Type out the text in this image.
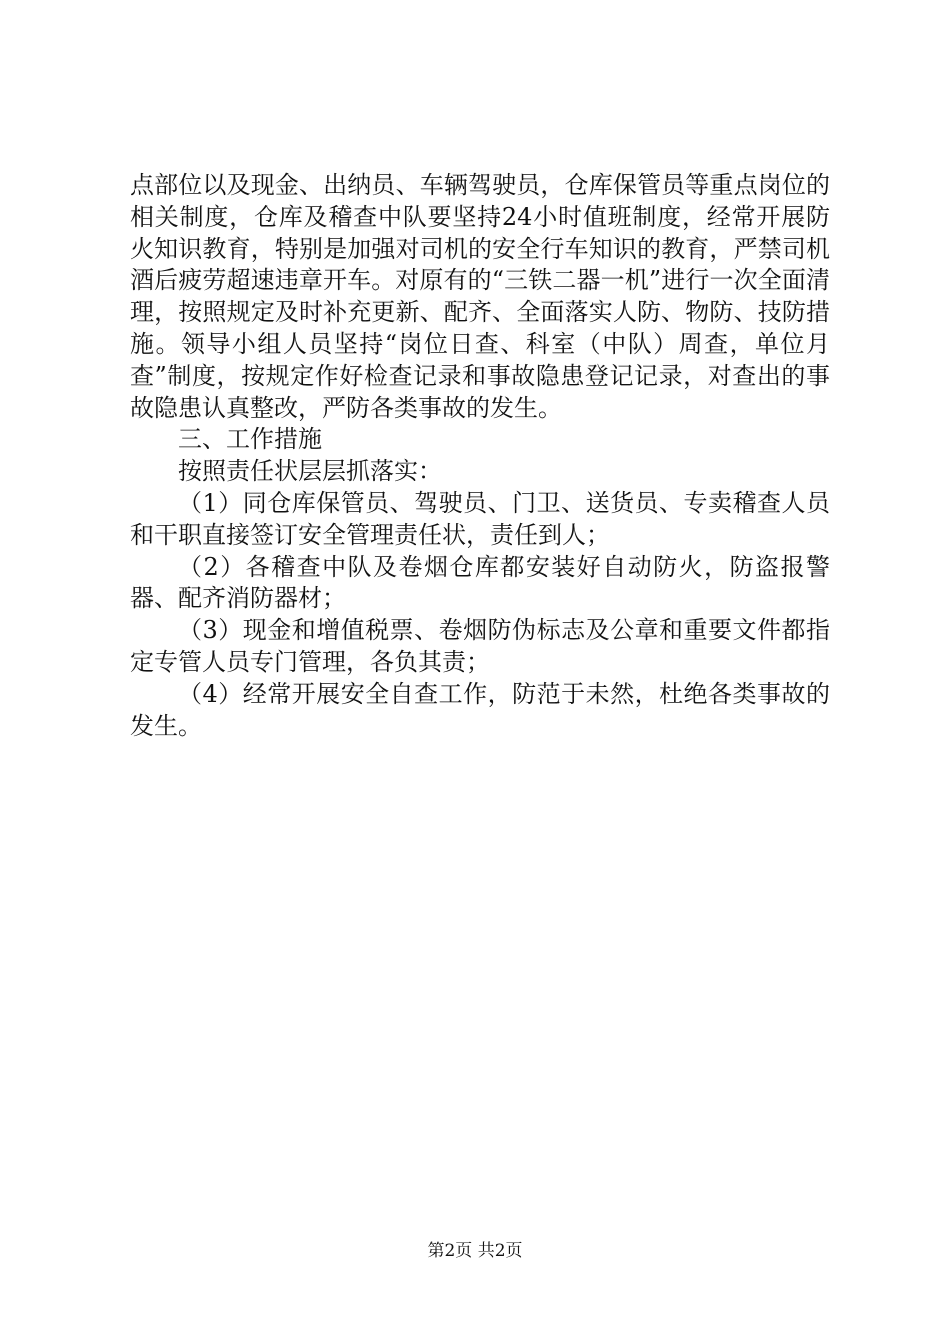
点部位以及现金、出纳员、车辆驾驶员，仓库保管员等重点岗位的相关制度，仓库及稽查中队要坚持24小时值班制度，经常开展防火知识教育，特别是加强对司机的安全行车知识的教育，严禁司机酒后疲劳超速违章开车。对原有的“三铁二器一机”进行一次全面清理，按照规定及时补充更新、配齐、全面落实人防、物防、技防措施。领导小组人员坚持“岗位日查、科室（中队）周查，单位月查”制度，按规定作好检查记录和事故隐患登记记录，对查出的事故隐患认真整改，严防各类事故的发生。

三、工作措施

按照责任状层层抓落实：

（1）同仓库保管员、驾驶员、门卫、送货员、专卖稽查人员和干职直接签订安全管理责任状，责任到人；

（2）各稽查中队及卷烟仓库都安装好自动防火，防盗报警器、配齐消防器材；

（3）现金和增值税票、卷烟防伪标志及公章和重要文件都指定专管人员专门管理，各负其责；

（4）经常开展安全自查工作，防范于未然，杜绝各类事故的发生。

第2页 共2页
